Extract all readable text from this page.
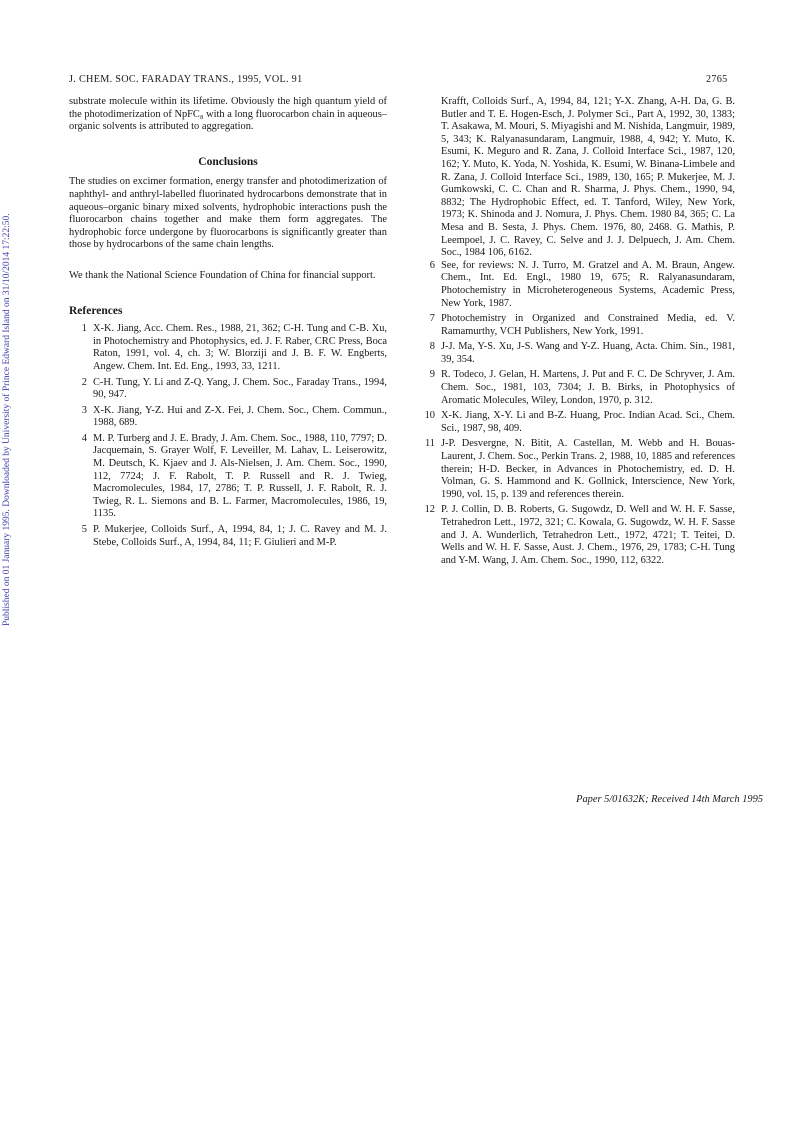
Published on 01 January 1995. Downloaded by University of Prince Edward Island on 31/10/2014 17:22:50.
J. CHEM. SOC. FARADAY TRANS., 1995, VOL. 91	2765

substrate molecule within its lifetime. Obviously the high quantum yield of the photodimerization of NpFC₈ with a long fluorocarbon chain in aqueous–organic solvents is attributed to aggregation.

Conclusions

The studies on excimer formation, energy transfer and photodimerization of naphthyl- and anthryl-labelled fluorinated hydrocarbons demonstrate that in aqueous–organic binary mixed solvents, hydrophobic interactions push the fluorocarbon chains together and make them form aggregates. The hydrophobic force undergone by fluorocarbons is significantly greater than those by hydrocarbons of the same chain lengths.

We thank the National Science Foundation of China for financial support.

References
1 X-K. Jiang, Acc. Chem. Res., 1988, 21, 362; C-H. Tung and C-B. Xu, in Photochemistry and Photophysics, ed. J. F. Raber, CRC Press, Boca Raton, 1991, vol. 4, ch. 3; W. Blorziji and J. B. F. W. Engberts, Angew. Chem. Int. Ed. Eng., 1993, 33, 1211.
2 C-H. Tung, Y. Li and Z-Q. Yang, J. Chem. Soc., Faraday Trans., 1994, 90, 947.
3 X-K. Jiang, Y-Z. Hui and Z-X. Fei, J. Chem. Soc., Chem. Commun., 1988, 689.
4 M. P. Turberg and J. E. Brady, J. Am. Chem. Soc., 1988, 110, 7797; D. Jacquemain, S. Grayer Wolf, F. Leveiller, M. Lahav, L. Leiserowitz, M. Deutsch, K. Kjaev and J. Als-Nielsen, J. Am. Chem. Soc., 1990, 112, 7724; J. F. Rabolt, T. P. Russell and R. J. Twieg, Macromolecules, 1984, 17, 2786; T. P. Russell, J. F. Rabolt, R. J. Twieg, R. L. Siemons and B. L. Farmer, Macromolecules, 1986, 19, 1135.
5 P. Mukerjee, Colloids Surf., A, 1994, 84, 1; J. C. Ravey and M. J. Stebe, Colloids Surf., A, 1994, 84, 11; F. Giulieri and M-P.
Krafft, Colloids Surf., A, 1994, 84, 121; Y-X. Zhang, A-H. Da, G. B. Butler and T. E. Hogen-Esch, J. Polymer Sci., Part A, 1992, 30, 1383; T. Asakawa, M. Mouri, S. Miyagishi and M. Nishida, Langmuir, 1989, 5, 343; K. Ralyanasundaram, Langmuir, 1988, 4, 942; Y. Muto, K. Esumi, K. Meguro and R. Zana, J. Colloid Interface Sci., 1987, 120, 162; Y. Muto, K. Yoda, N. Yoshida, K. Esumi, W. Binana-Limbele and R. Zana, J. Colloid Interface Sci., 1989, 130, 165; P. Mukerjee, M. J. Gumkowski, C. C. Chan and R. Sharma, J. Phys. Chem., 1990, 94, 8832; The Hydrophobic Effect, ed. T. Tanford, Wiley, New York, 1973; K. Shinoda and J. Nomura, J. Phys. Chem. 1980 84, 365; C. La Mesa and B. Sesta, J. Phys. Chem. 1976, 80, 2468. G. Mathis, P. Leempoel, J. C. Ravey, C. Selve and J. J. Delpuech, J. Am. Chem. Soc., 1984 106, 6162.
6 See, for reviews: N. J. Turro, M. Gratzel and A. M. Braun, Angew. Chem., Int. Ed. Engl., 1980 19, 675; R. Ralyanasundaram, Photochemistry in Microheterogeneous Systems, Academic Press, New York, 1987.
7 Photochemistry in Organized and Constrained Media, ed. V. Ramamurthy, VCH Publishers, New York, 1991.
8 J-J. Ma, Y-S. Xu, J-S. Wang and Y-Z. Huang, Acta. Chim. Sin., 1981, 39, 354.
9 R. Todeco, J. Gelan, H. Martens, J. Put and F. C. De Schryver, J. Am. Chem. Soc., 1981, 103, 7304; J. B. Birks, in Photophysics of Aromatic Molecules, Wiley, London, 1970, p. 312.
10 X-K. Jiang, X-Y. Li and B-Z. Huang, Proc. Indian Acad. Sci., Chem. Sci., 1987, 98, 409.
11 J-P. Desvergne, N. Bitit, A. Castellan, M. Webb and H. Bouas-Laurent, J. Chem. Soc., Perkin Trans. 2, 1988, 10, 1885 and references therein; H-D. Becker, in Advances in Photochemistry, ed. D. H. Volman, G. S. Hammond and K. Gollnick, Interscience, New York, 1990, vol. 15, p. 139 and references therein.
12 P. J. Collin, D. B. Roberts, G. Sugowdz, D. Well and W. H. F. Sasse, Tetrahedron Lett., 1972, 321; C. Kowala, G. Sugowdz, W. H. F. Sasse and J. A. Wunderlich, Tetrahedron Lett., 1972, 4721; T. Teitei, D. Wells and W. H. F. Sasse, Aust. J. Chem., 1976, 29, 1783; C-H. Tung and Y-M. Wang, J. Am. Chem. Soc., 1990, 112, 6322.
Paper 5/01632K; Received 14th March 1995
